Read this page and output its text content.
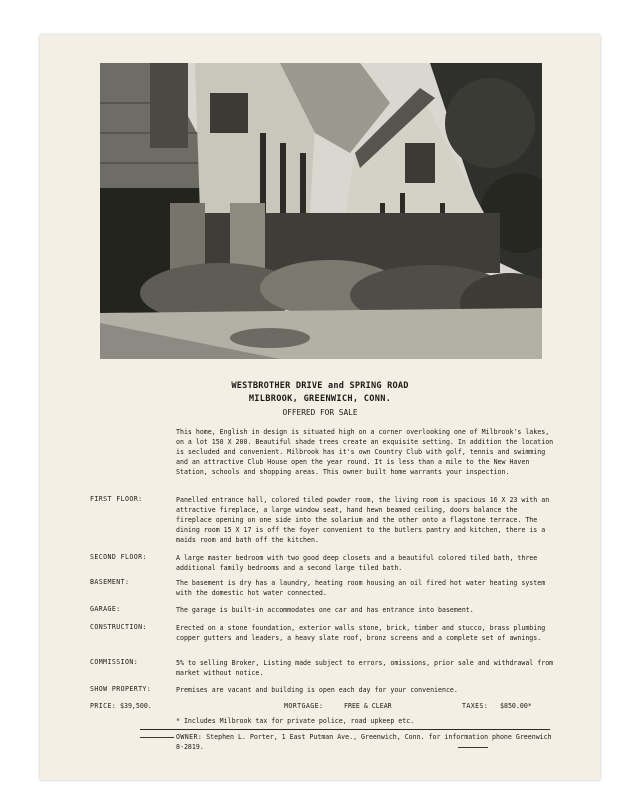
WESTBROTHER DRIVE and SPRING ROAD
MILBROOK, GREENWICH, CONN.
OFFERED FOR SALE
This home, English in design is situated high on a corner overlooking one of Milbrook's lakes, on a lot 150 X 200. Beautiful shade trees create an exquisite setting. In addition the location is secluded and convenient. Milbrook has it's own Country Club with golf, tennis and swimming and an attractive Club House open the year round. It is less than a mile to the New Haven Station, schools and shopping areas. This owner built home warrants your inspection.
FIRST FLOOR:	Panelled entrance hall, colored tiled powder room, the living room is spacious 16 X 23 with an attractive fireplace, a large window seat, hand hewn beamed ceiling, doors balance the fireplace opening on one side into the solarium and the other onto a flagstone terrace. The dining room 15 X 17 is off the foyer convenient to the butlers pantry and kitchen, there is a maids room and bath off the kitchen.
SECOND FLOOR:	A large master bedroom with two good deep closets and a beautiful colored tiled bath, three additional family bedrooms and a second large tiled bath.
BASEMENT:	The basement is dry has a laundry, heating room housing an oil fired hot water heating system with the domestic hot water connected.
GARAGE:	The garage is built-in accommodates one car and has entrance into basement.
CONSTRUCTION:	Erected on a stone foundation, exterior walls stone, brick, timber and stucco, brass plumbing copper gutters and leaders, a heavy slate roof, bronz screens and a complete set of awnings.
COMMISSION:	5% to selling Broker, Listing made subject to errors, omissions, prior sale and withdrawal from market without notice.
SHOW PROPERTY:	Premises are vacant and building is open each day for your convenience.
PRICE: $39,500.	MORTGAGE:	FREE & CLEAR	TAXES: $850.00*
* Includes Milbrook tax for private police, road upkeep etc.
OWNER: Stephen L. Porter, 1 East Putman Ave., Greenwich, Conn. for information phone Greenwich 8-2819.
